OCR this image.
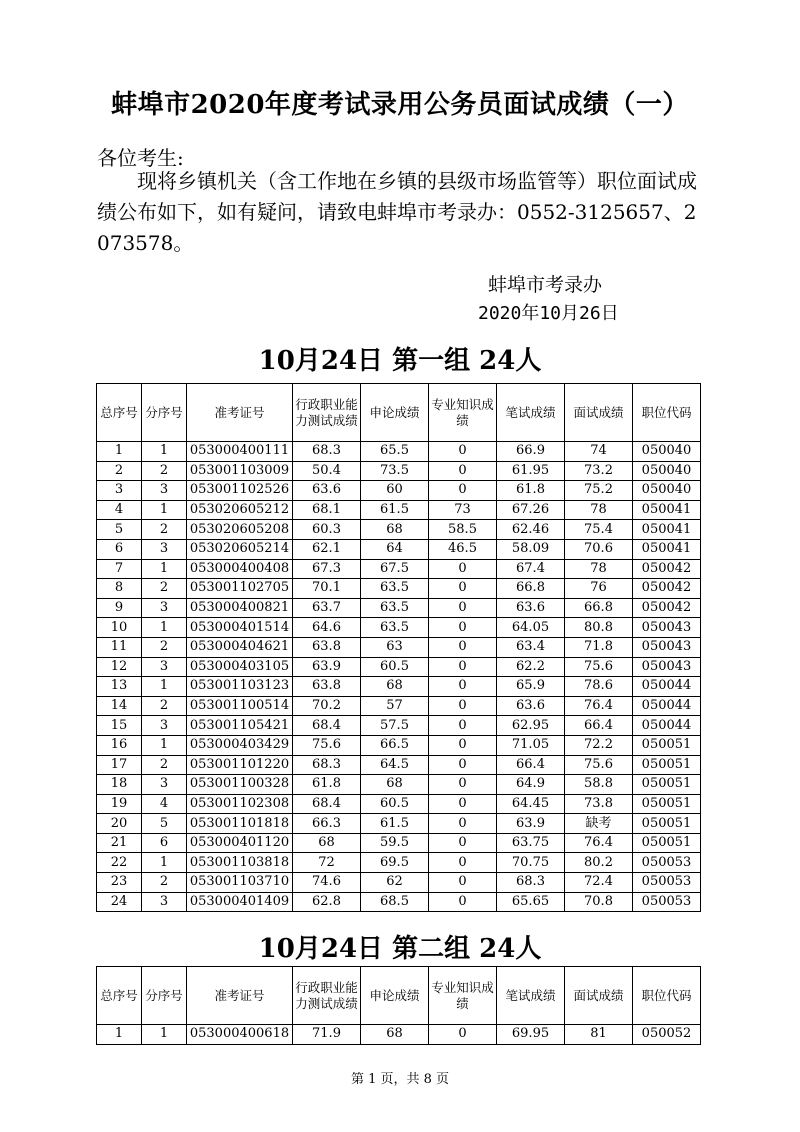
蚌埠市2020年度考试录用公务员面试成绩（一）
各位考生:
现将乡镇机关（含工作地在乡镇的县级市场监管等）职位面试成绩公布如下，如有疑问，请致电蚌埠市考录办：0552-3125657、2073578。
蚌埠市考录办
2020年10月26日
10月24日 第一组 24人
总序号	分序号	准考证号	行政职业能力测试成绩	申论成绩	专业知识成绩	笔试成绩	面试成绩	职位代码
1	1	053000400111	68.3	65.5	0	66.9	74	050040
2	2	053001103009	50.4	73.5	0	61.95	73.2	050040
3	3	053001102526	63.6	60	0	61.8	75.2	050040
4	1	053020605212	68.1	61.5	73	67.26	78	050041
5	2	053020605208	60.3	68	58.5	62.46	75.4	050041
6	3	053020605214	62.1	64	46.5	58.09	70.6	050041
7	1	053000400408	67.3	67.5	0	67.4	78	050042
8	2	053001102705	70.1	63.5	0	66.8	76	050042
9	3	053000400821	63.7	63.5	0	63.6	66.8	050042
10	1	053000401514	64.6	63.5	0	64.05	80.8	050043
11	2	053000404621	63.8	63	0	63.4	71.8	050043
12	3	053000403105	63.9	60.5	0	62.2	75.6	050043
13	1	053001103123	63.8	68	0	65.9	78.6	050044
14	2	053001100514	70.2	57	0	63.6	76.4	050044
15	3	053001105421	68.4	57.5	0	62.95	66.4	050044
16	1	053000403429	75.6	66.5	0	71.05	72.2	050051
17	2	053001101220	68.3	64.5	0	66.4	75.6	050051
18	3	053001100328	61.8	68	0	64.9	58.8	050051
19	4	053001102308	68.4	60.5	0	64.45	73.8	050051
20	5	053001101818	66.3	61.5	0	63.9	缺考	050051
21	6	053000401120	68	59.5	0	63.75	76.4	050051
22	1	053001103818	72	69.5	0	70.75	80.2	050053
23	2	053001103710	74.6	62	0	68.3	72.4	050053
24	3	053000401409	62.8	68.5	0	65.65	70.8	050053
10月24日 第二组 24人
总序号	分序号	准考证号	行政职业能力测试成绩	申论成绩	专业知识成绩	笔试成绩	面试成绩	职位代码
1	1	053000400618	71.9	68	0	69.95	81	050052
第 1 页，共 8 页
